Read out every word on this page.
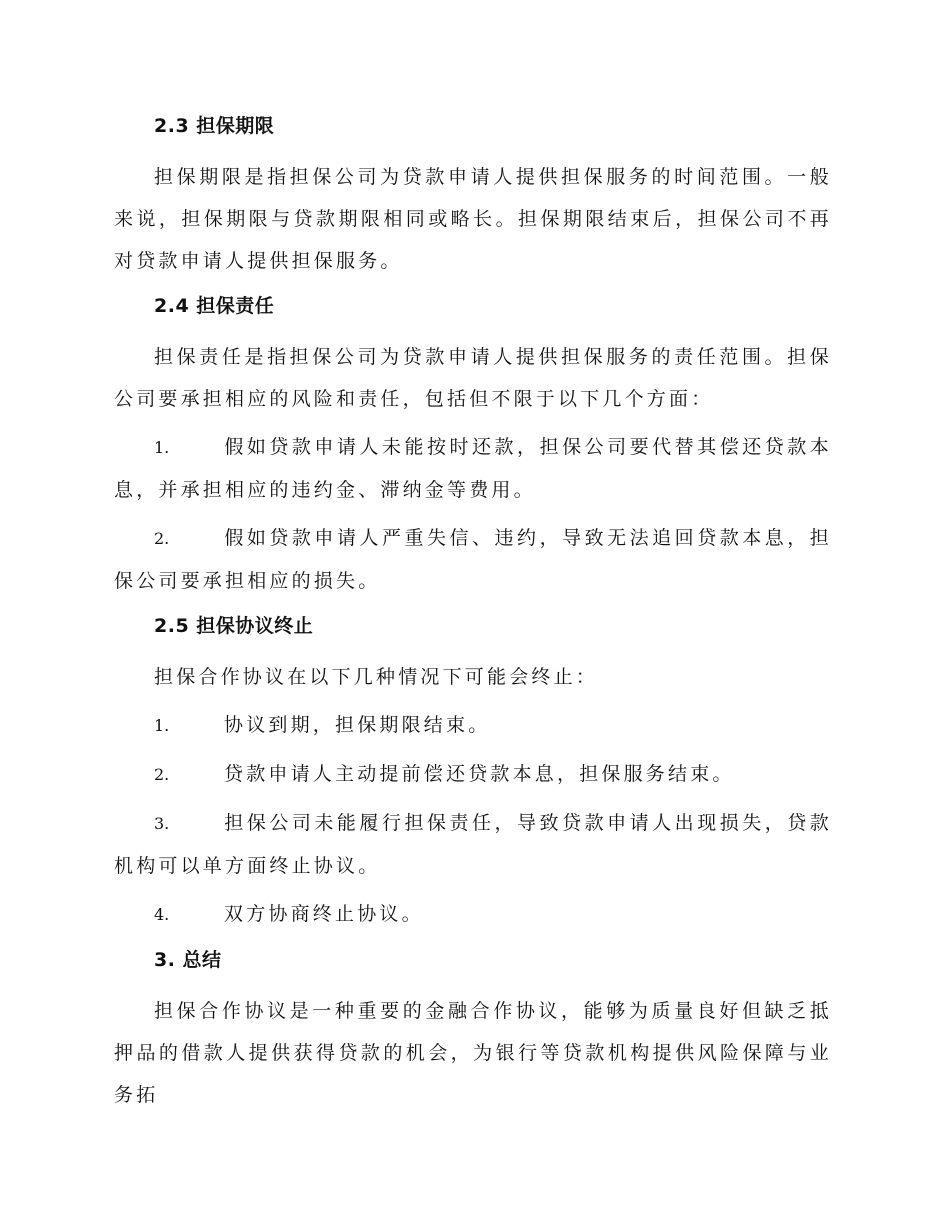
2.3 担保期限

担保期限是指担保公司为贷款申请人提供担保服务的时间范围。一般来说，担保期限与贷款期限相同或略长。担保期限结束后，担保公司不再对贷款申请人提供担保服务。

2.4 担保责任

担保责任是指担保公司为贷款申请人提供担保服务的责任范围。担保公司要承担相应的风险和责任，包括但不限于以下几个方面：

1.	假如贷款申请人未能按时还款，担保公司要代替其偿还贷款本息，并承担相应的违约金、滞纳金等费用。

2.	假如贷款申请人严重失信、违约，导致无法追回贷款本息，担保公司要承担相应的损失。

2.5 担保协议终止

担保合作协议在以下几种情况下可能会终止：

1.	协议到期，担保期限结束。

2.	贷款申请人主动提前偿还贷款本息，担保服务结束。

3.	担保公司未能履行担保责任，导致贷款申请人出现损失，贷款机构可以单方面终止协议。

4.	双方协商终止协议。

3. 总结

担保合作协议是一种重要的金融合作协议，能够为质量良好但缺乏抵押品的借款人提供获得贷款的机会，为银行等贷款机构提供风险保障与业务拓
